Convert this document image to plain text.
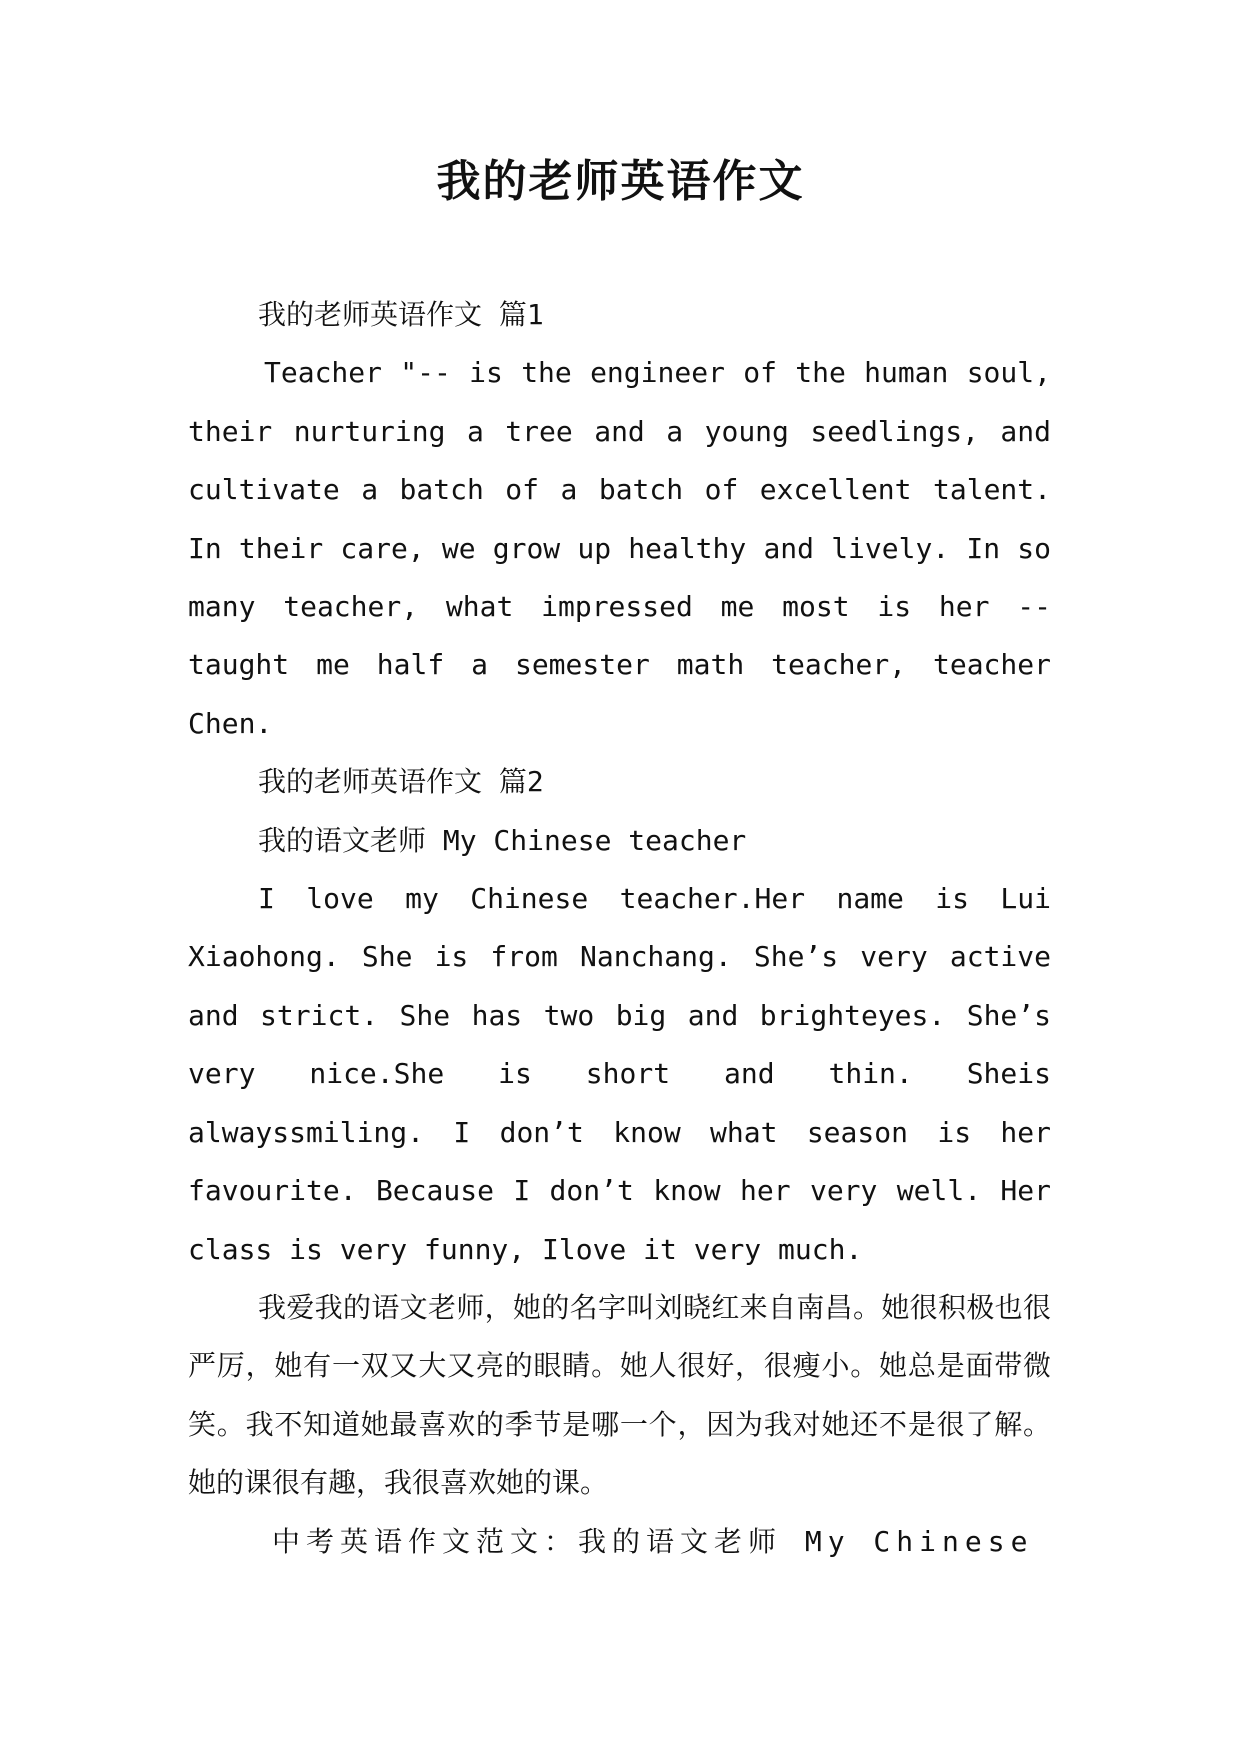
我的老师英语作文

我的老师英语作文 篇1

Teacher "-- is the engineer of the human soul, their nurturing a tree and a young seedlings, and cultivate a batch of a batch of excellent talent. In their care, we grow up healthy and lively. In so many teacher, what impressed me most is her -- taught me half a semester math teacher, teacher Chen.

我的老师英语作文 篇2

我的语文老师 My Chinese teacher

I love my Chinese teacher.Her name is Lui Xiaohong. She is from Nanchang. She’s very active and strict. She has two big and brighteyes. She’s very nice.She is short and thin. Sheis alwayssmiling. I don’t know what season is her favourite. Because I don’t know her very well. Her class is very funny, Ilove it very much.

我爱我的语文老师，她的名字叫刘晓红来自南昌。她很积极也很严厉，她有一双又大又亮的眼睛。她人很好，很瘦小。她总是面带微笑。我不知道她最喜欢的季节是哪一个，因为我对她还不是很了解。她的课很有趣，我很喜欢她的课。

中考英语作文范文：我的语文老师 My Chinese
